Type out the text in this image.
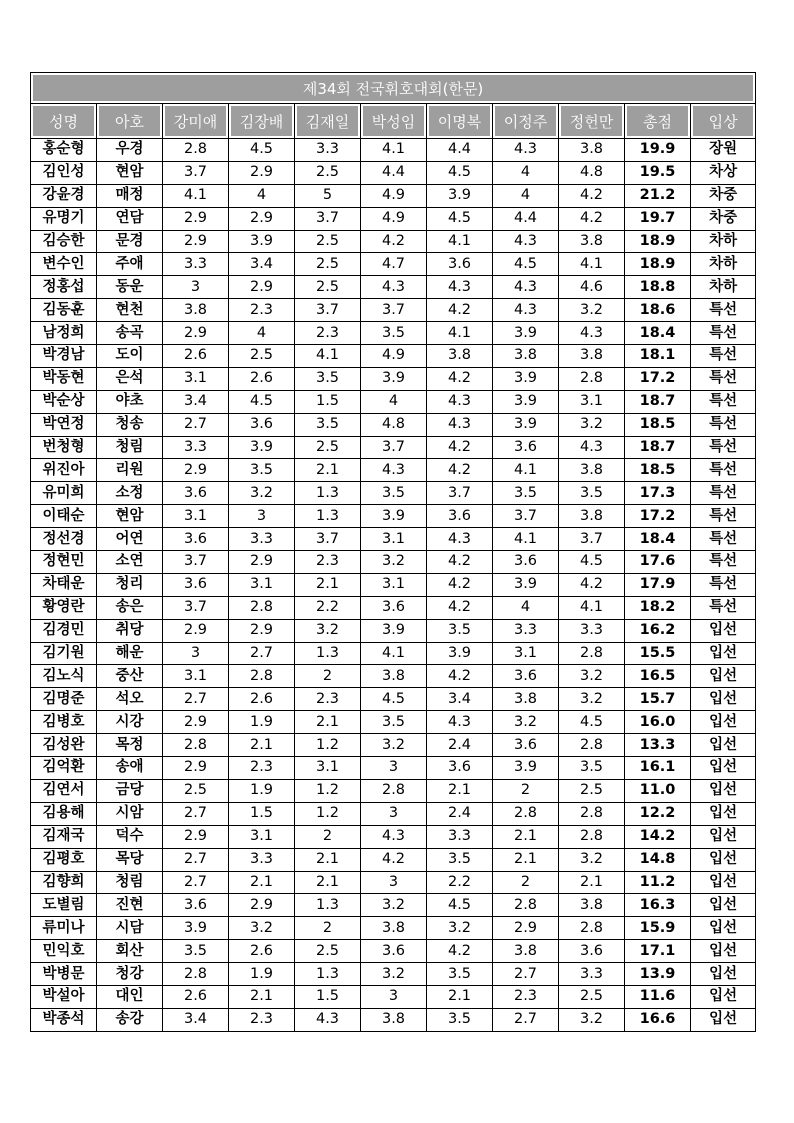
제34회 전국휘호대회(한문)										
성명	아호	강미애	김장배	김재일	박성임	이명복	이정주	정헌만	총점	입상
홍순형	우경	2.8	4.5	3.3	4.1	4.4	4.3	3.8	19.9	장원
김인성	현암	3.7	2.9	2.5	4.4	4.5	4	4.8	19.5	차상
강윤경	매정	4.1	4	5	4.9	3.9	4	4.2	21.2	차중
유명기	연담	2.9	2.9	3.7	4.9	4.5	4.4	4.2	19.7	차중
김승한	문경	2.9	3.9	2.5	4.2	4.1	4.3	3.8	18.9	차하
변수인	주애	3.3	3.4	2.5	4.7	3.6	4.5	4.1	18.9	차하
정홍섭	동운	3	2.9	2.5	4.3	4.3	4.3	4.6	18.8	차하
김동훈	현천	3.8	2.3	3.7	3.7	4.2	4.3	3.2	18.6	특선
남정희	송곡	2.9	4	2.3	3.5	4.1	3.9	4.3	18.4	특선
박경남	도이	2.6	2.5	4.1	4.9	3.8	3.8	3.8	18.1	특선
박동현	은석	3.1	2.6	3.5	3.9	4.2	3.9	2.8	17.2	특선
박순상	야초	3.4	4.5	1.5	4	4.3	3.9	3.1	18.7	특선
박연정	청송	2.7	3.6	3.5	4.8	4.3	3.9	3.2	18.5	특선
번청형	청림	3.3	3.9	2.5	3.7	4.2	3.6	4.3	18.7	특선
위진아	리원	2.9	3.5	2.1	4.3	4.2	4.1	3.8	18.5	특선
유미희	소정	3.6	3.2	1.3	3.5	3.7	3.5	3.5	17.3	특선
이태순	현암	3.1	3	1.3	3.9	3.6	3.7	3.8	17.2	특선
정선경	어연	3.6	3.3	3.7	3.1	4.3	4.1	3.7	18.4	특선
정현민	소연	3.7	2.9	2.3	3.2	4.2	3.6	4.5	17.6	특선
차태운	청리	3.6	3.1	2.1	3.1	4.2	3.9	4.2	17.9	특선
황영란	송은	3.7	2.8	2.2	3.6	4.2	4	4.1	18.2	특선
김경민	취당	2.9	2.9	3.2	3.9	3.5	3.3	3.3	16.2	입선
김기원	해운	3	2.7	1.3	4.1	3.9	3.1	2.8	15.5	입선
김노식	중산	3.1	2.8	2	3.8	4.2	3.6	3.2	16.5	입선
김명준	석오	2.7	2.6	2.3	4.5	3.4	3.8	3.2	15.7	입선
김병호	시강	2.9	1.9	2.1	3.5	4.3	3.2	4.5	16.0	입선
김성완	목정	2.8	2.1	1.2	3.2	2.4	3.6	2.8	13.3	입선
김억환	송애	2.9	2.3	3.1	3	3.6	3.9	3.5	16.1	입선
김연서	금당	2.5	1.9	1.2	2.8	2.1	2	2.5	11.0	입선
김용해	시암	2.7	1.5	1.2	3	2.4	2.8	2.8	12.2	입선
김재국	덕수	2.9	3.1	2	4.3	3.3	2.1	2.8	14.2	입선
김평호	목당	2.7	3.3	2.1	4.2	3.5	2.1	3.2	14.8	입선
김향희	청림	2.7	2.1	2.1	3	2.2	2	2.1	11.2	입선
도별림	진현	3.6	2.9	1.3	3.2	4.5	2.8	3.8	16.3	입선
류미나	시담	3.9	3.2	2	3.8	3.2	2.9	2.8	15.9	입선
민익호	회산	3.5	2.6	2.5	3.6	4.2	3.8	3.6	17.1	입선
박병문	청강	2.8	1.9	1.3	3.2	3.5	2.7	3.3	13.9	입선
박설아	대인	2.6	2.1	1.5	3	2.1	2.3	2.5	11.6	입선
박종석	송강	3.4	2.3	4.3	3.8	3.5	2.7	3.2	16.6	입선
